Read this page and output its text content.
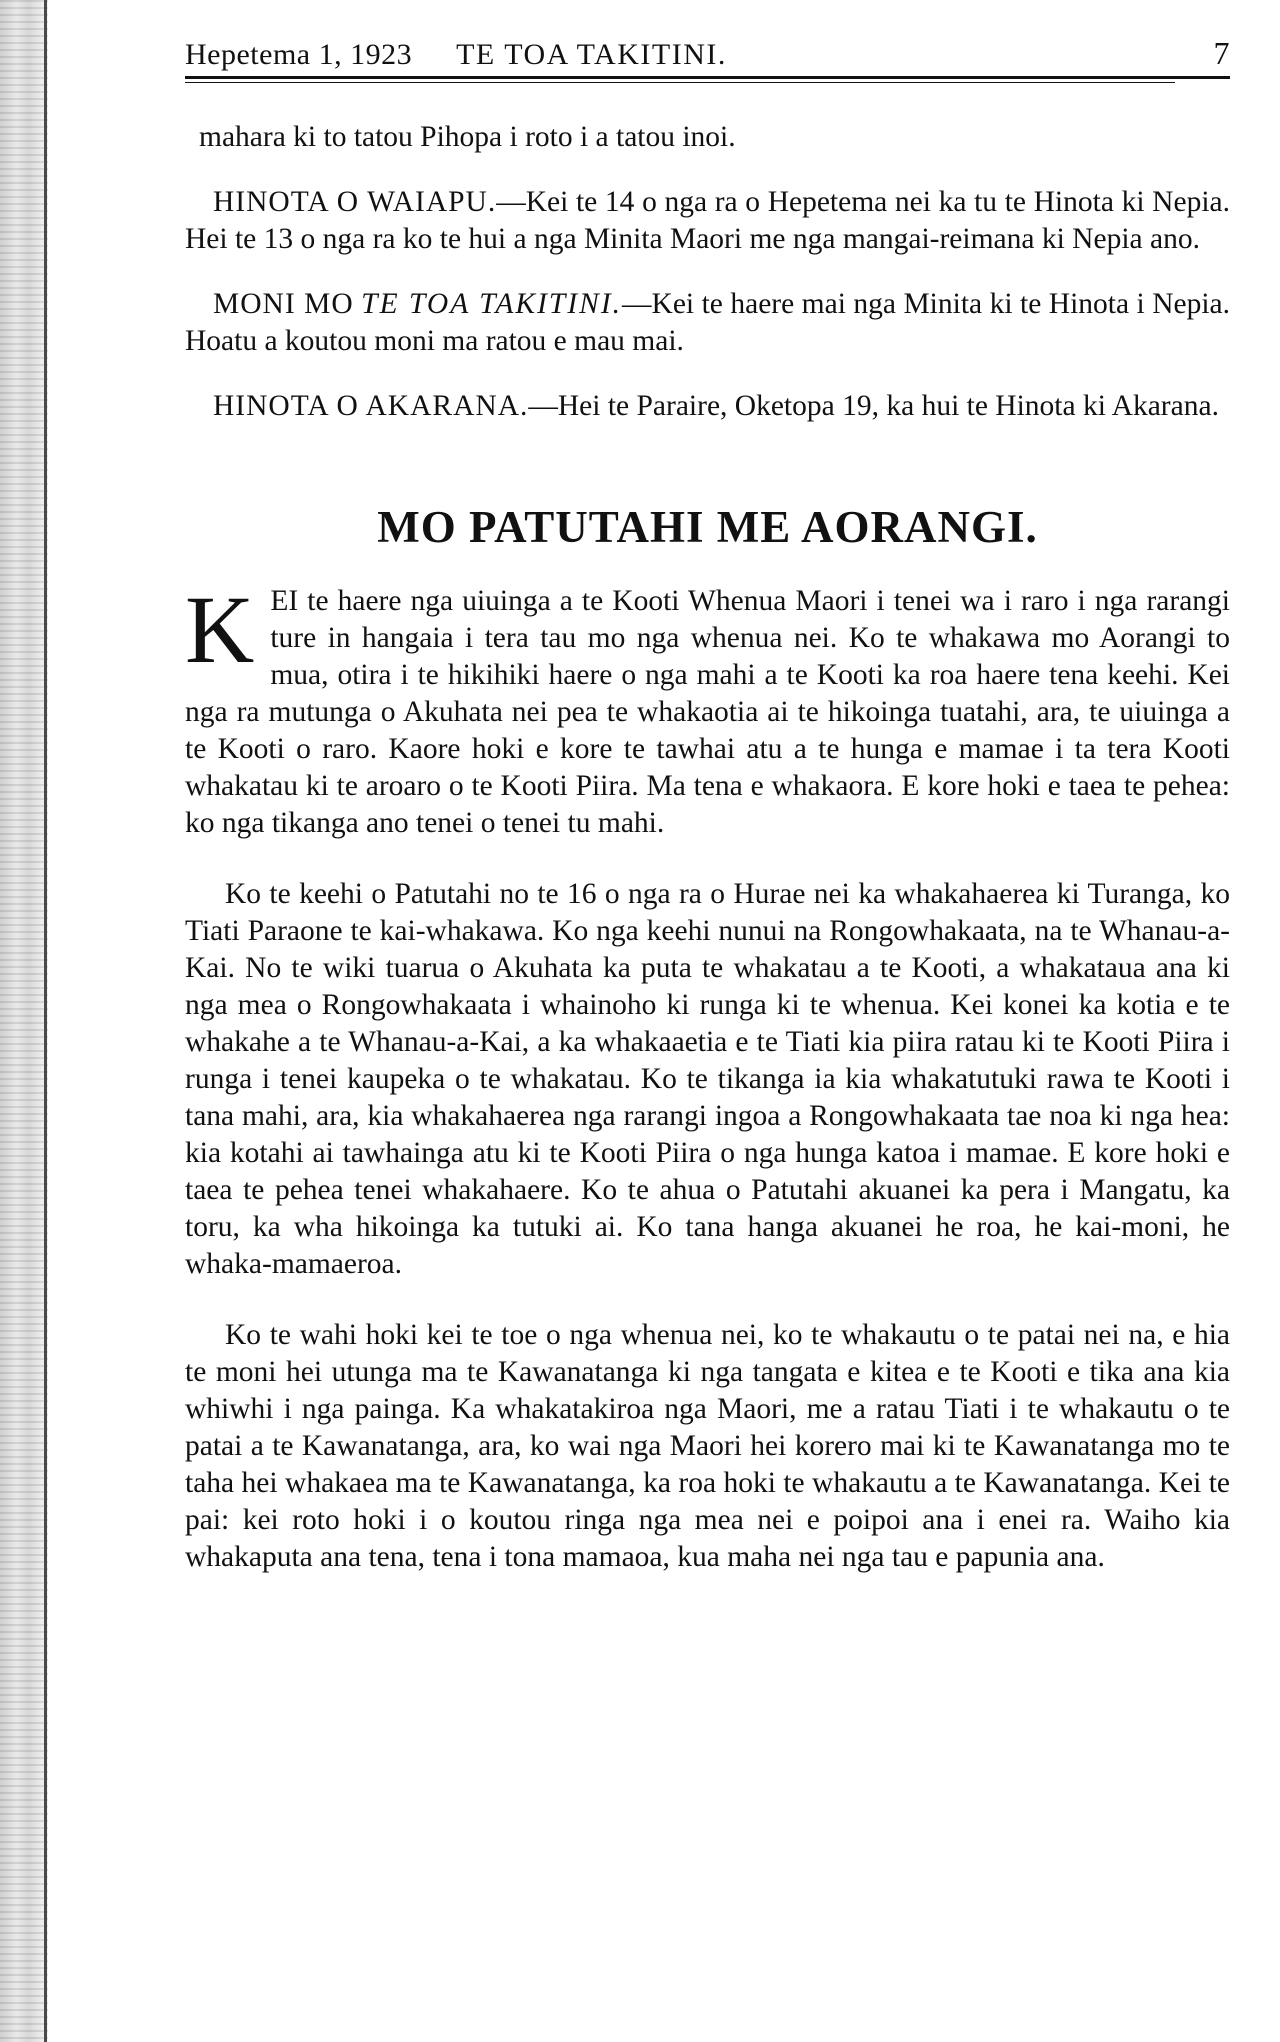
Hepetema 1, 1923 TE TOA TAKITINI.	7

mahara ki to tatou Pihopa i roto i a tatou inoi.

HINOTA O WAIAPU.—Kei te 14 o nga ra o Hepetema nei ka tu te Hinota ki Nepia. Hei te 13 o nga ra ko te hui a nga Minita Maori me nga mangai-reimana ki Nepia ano.

MONI MO TE TOA TAKITINI.—Kei te haere mai nga Minita ki te Hinota i Nepia. Hoatu a koutou moni ma ratou e mau mai.

HINOTA O AKARANA.—Hei te Paraire, Oketopa 19, ka hui te Hinota ki Akarana.

MO PATUTAHI ME AORANGI.

KEI te haere nga uiuinga a te Kooti Whenua Maori i tenei wa i raro i nga rarangi ture in hangaia i tera tau mo nga whenua nei. Ko te whakawa mo Aorangi to mua, otira i te hikihiki haere o nga mahi a te Kooti ka roa haere tena keehi. Kei nga ra mutunga o Akuhata nei pea te whakaotia ai te hikoinga tuatahi, ara, te uiuinga a te Kooti o raro. Kaore hoki e kore te tawhai atu a te hunga e mamae i ta tera Kooti whakatau ki te aroaro o te Kooti Piira. Ma tena e whakaora. E kore hoki e taea te pehea: ko nga tikanga ano tenei o tenei tu mahi.

Ko te keehi o Patutahi no te 16 o nga ra o Hurae nei ka whakahaerea ki Turanga, ko Tiati Paraone te kai-whakawa. Ko nga keehi nunui na Rongowhakaata, na te Whanau-a-Kai. No te wiki tuarua o Akuhata ka puta te whakatau a te Kooti, a whakataua ana ki nga mea o Rongowhakaata i whainoho ki runga ki te whenua. Kei konei ka kotia e te whakahe a te Whanau-a-Kai, a ka whakaaetia e te Tiati kia piira ratau ki te Kooti Piira i runga i tenei kaupeka o te whakatau. Ko te tikanga ia kia whakatutuki rawa te Kooti i tana mahi, ara, kia whakahaerea nga rarangi ingoa a Rongowhakaata tae noa ki nga hea: kia kotahi ai tawhainga atu ki te Kooti Piira o nga hunga katoa i mamae. E kore hoki e taea te pehea tenei whakahaere. Ko te ahua o Patutahi akuanei ka pera i Mangatu, ka toru, ka wha hikoinga ka tutuki ai. Ko tana hanga akuanei he roa, he kai-moni, he whaka-mamaeroa.

Ko te wahi hoki kei te toe o nga whenua nei, ko te whakautu o te patai nei na, e hia te moni hei utunga ma te Kawanatanga ki nga tangata e kitea e te Kooti e tika ana kia whiwhi i nga painga. Ka whakatakiroa nga Maori, me a ratau Tiati i te whakautu o te patai a te Kawanatanga, ara, ko wai nga Maori hei korero mai ki te Kawanatanga mo te taha hei whakaea ma te Kawanatanga, ka roa hoki te whakautu a te Kawanatanga. Kei te pai: kei roto hoki i o koutou ringa nga mea nei e poipoi ana i enei ra. Waiho kia whakaputa ana tena, tena i tona mamaoa, kua maha nei nga tau e papunia ana.
